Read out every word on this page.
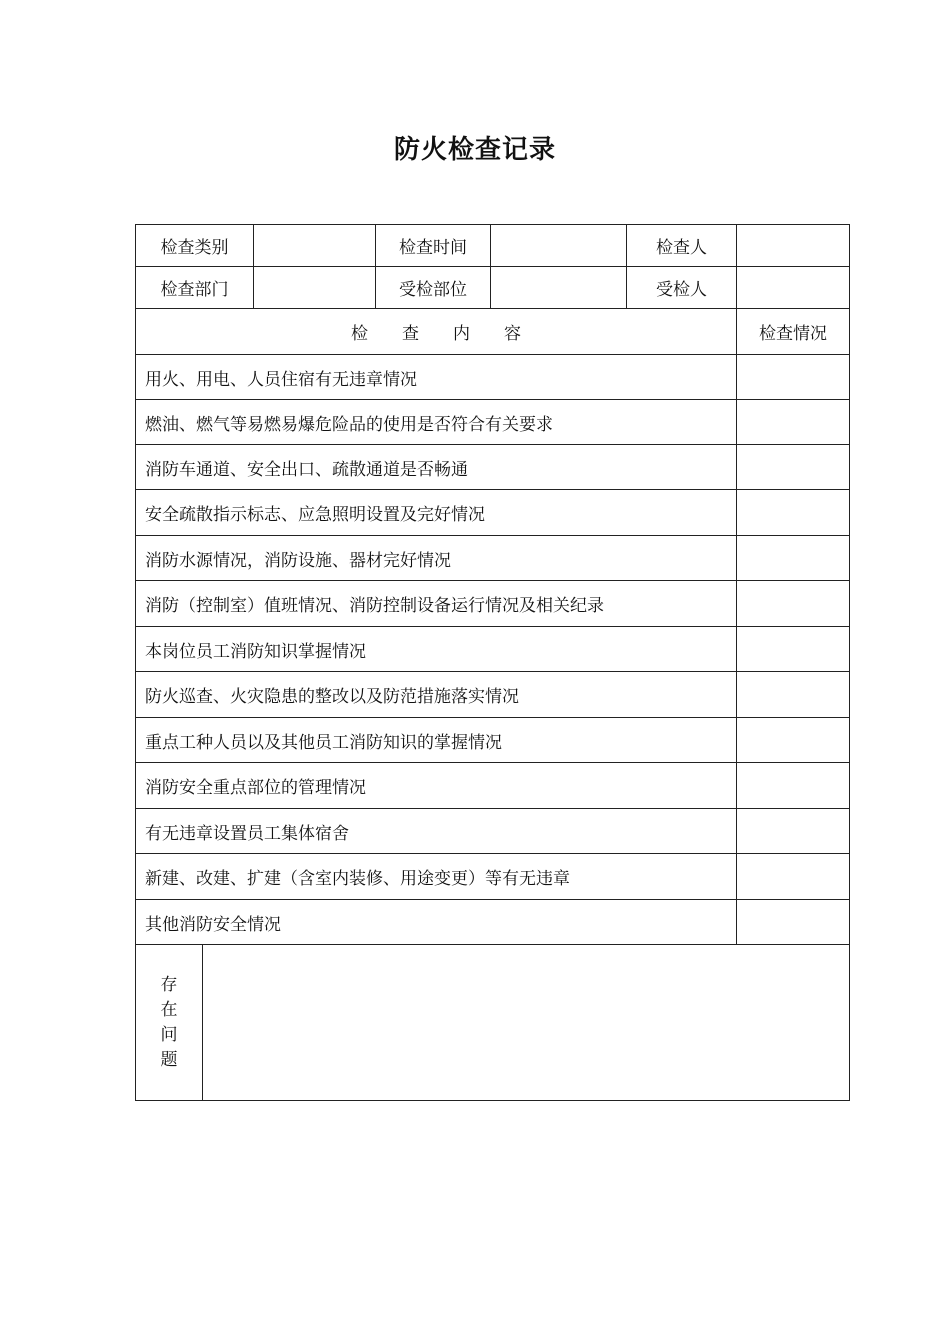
防火检查记录
检查类别			检查时间		检查人	
检查部门			受检部位		受检人	
检　　查　　内　　容						检查情况
用火、用电、人员住宿有无违章情况						
燃油、燃气等易燃易爆危险品的使用是否符合有关要求						
消防车通道、安全出口、疏散通道是否畅通						
安全疏散指示标志、应急照明设置及完好情况						
消防水源情况，消防设施、器材完好情况						
消防（控制室）值班情况、消防控制设备运行情况及相关纪录						
本岗位员工消防知识掌握情况						
防火巡查、火灾隐患的整改以及防范措施落实情况						
重点工种人员以及其他员工消防知识的掌握情况						
消防安全重点部位的管理情况						
有无违章设置员工集体宿舍						
新建、改建、扩建（含室内装修、用途变更）等有无违章						
其他消防安全情况						

存
在
问
题						
